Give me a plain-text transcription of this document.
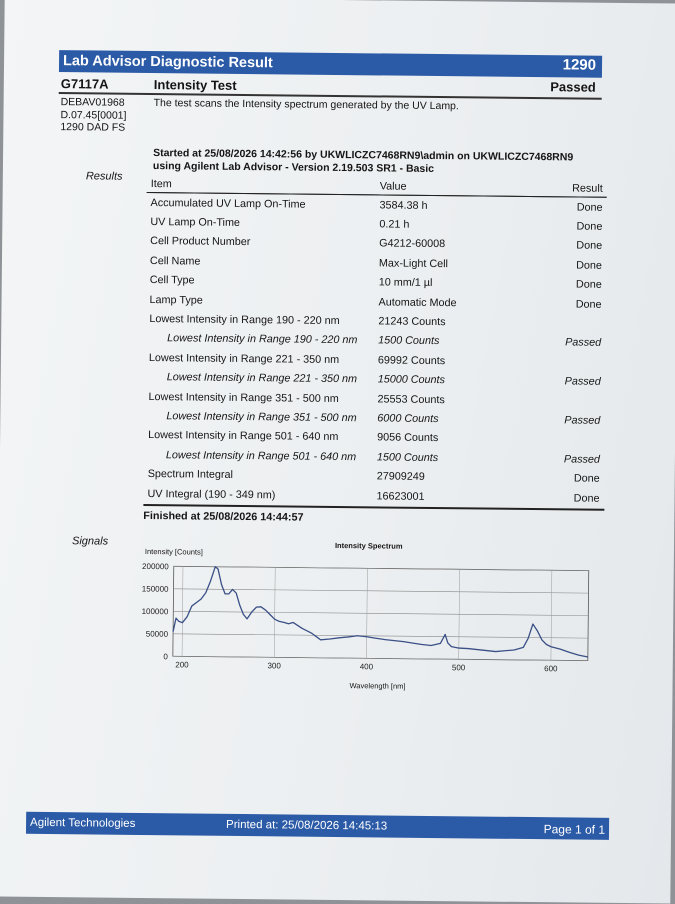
Lab Advisor Diagnostic Result	1290
G7117A	Intensity Test	Passed
DEBAV01968
D.07.45[0001]
1290 DAD FS
The test scans the Intensity spectrum generated by the UV Lamp.
Started at 25/08/2026 14:42:56 by UKWLICZC7468RN9\admin on UKWLICZC7468RN9
using Agilent Lab Advisor - Version 2.19.503 SR1 - Basic
Results
Item	Value	Result
Accumulated UV Lamp On-Time	3584.38 h	Done
UV Lamp On-Time	0.21 h	Done
Cell Product Number	G4212-60008	Done
Cell Name	Max-Light Cell	Done
Cell Type	10 mm/1 µl	Done
Lamp Type	Automatic Mode	Done
Lowest Intensity in Range 190 - 220 nm	21243 Counts	
Lowest Intensity in Range 190 - 220 nm	1500 Counts	Passed
Lowest Intensity in Range 221 - 350 nm	69992 Counts	
Lowest Intensity in Range 221 - 350 nm	15000 Counts	Passed
Lowest Intensity in Range 351 - 500 nm	25553 Counts	
Lowest Intensity in Range 351 - 500 nm	6000 Counts	Passed
Lowest Intensity in Range 501 - 640 nm	9056 Counts	
Lowest Intensity in Range 501 - 640 nm	1500 Counts	Passed
Spectrum Integral	27909249	Done
UV Integral (190 - 349 nm)	16623001	Done
Finished at 25/08/2026 14:44:57
Signals	Intensity Spectrum
Intensity [Counts]
Wavelength [nm]
0
50000
100000
150000
200000
200	300	400	500	600
Agilent Technologies	Printed at: 25/08/2026 14:45:13	Page 1 of 1
